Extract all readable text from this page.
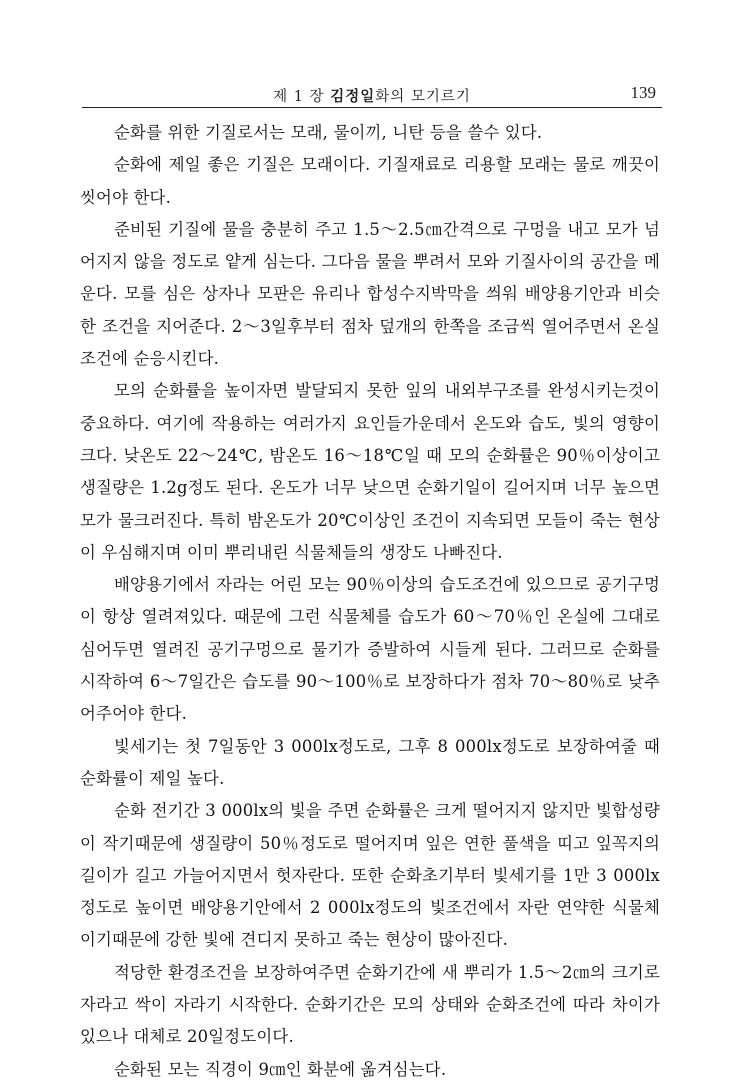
제 1 장 김정일화의 모기르기	139

순화를 위한 기질로서는 모래, 물이끼, 니탄 등을 쓸수 있다.

순화에 제일 좋은 기질은 모래이다. 기질재료로 리용할 모래는 물로 깨끗이 씻어야 한다.

준비된 기질에 물을 충분히 주고 1.5～2.5㎝간격으로 구멍을 내고 모가 넘어지지 않을 정도로 얕게 심는다. 그다음 물을 뿌려서 모와 기질사이의 공간을 메운다. 모를 심은 상자나 모판은 유리나 합성수지박막을 씌워 배양용기안과 비슷한 조건을 지어준다. 2～3일후부터 점차 덮개의 한쪽을 조금씩 열어주면서 온실조건에 순응시킨다.

모의 순화률을 높이자면 발달되지 못한 잎의 내외부구조를 완성시키는것이 중요하다. 여기에 작용하는 여러가지 요인들가운데서 온도와 습도, 빛의 영향이 크다. 낮온도 22～24℃, 밤온도 16～18℃일 때 모의 순화률은 90％이상이고 생질량은 1.2g정도 된다. 온도가 너무 낮으면 순화기일이 길어지며 너무 높으면 모가 물크러진다. 특히 밤온도가 20℃이상인 조건이 지속되면 모들이 죽는 현상이 우심해지며 이미 뿌리내린 식물체들의 생장도 나빠진다.

배양용기에서 자라는 어린 모는 90％이상의 습도조건에 있으므로 공기구멍이 항상 열려져있다. 때문에 그런 식물체를 습도가 60～70％인 온실에 그대로 심어두면 열려진 공기구멍으로 물기가 증발하여 시들게 된다. 그러므로 순화를 시작하여 6～7일간은 습도를 90～100％로 보장하다가 점차 70～80％로 낮추어주어야 한다.

빛세기는 첫 7일동안 3 000lx정도로, 그후 8 000lx정도로 보장하여줄 때 순화률이 제일 높다.

순화 전기간 3 000lx의 빛을 주면 순화률은 크게 떨어지지 않지만 빛합성량이 작기때문에 생질량이 50％정도로 떨어지며 잎은 연한 풀색을 띠고 잎꼭지의 길이가 길고 가늘어지면서 헛자란다. 또한 순화초기부터 빛세기를 1만 3 000lx정도로 높이면 배양용기안에서 2 000lx정도의 빛조건에서 자란 연약한 식물체이기때문에 강한 빛에 견디지 못하고 죽는 현상이 많아진다.

적당한 환경조건을 보장하여주면 순화기간에 새 뿌리가 1.5～2㎝의 크기로 자라고 싹이 자라기 시작한다. 순화기간은 모의 상태와 순화조건에 따라 차이가 있으나 대체로 20일정도이다.

순화된 모는 직경이 9㎝인 화분에 옮겨심는다.
